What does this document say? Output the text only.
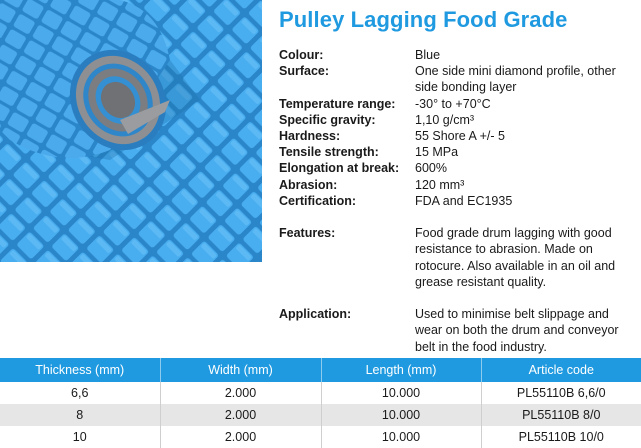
Pulley Lagging Food Grade
Colour:	Blue
Surface:	One side mini diamond profile, other side bonding layer
Temperature range:	-30° to +70°C
Specific gravity:	1,10 g/cm³
Hardness:	55 Shore A +/- 5
Tensile strength:	15 MPa
Elongation at break:	600%
Abrasion:	120 mm³
Certification:	FDA and EC1935
Features:	Food grade drum lagging with good resistance to abrasion. Made on rotocure. Also available in an oil and grease resistant quality.
Application:	Used to minimise belt slippage and wear on both the drum and conveyor belt in the food industry.
Thickness (mm)	Width (mm)	Length (mm)	Article code
6,6	2.000	10.000	PL55110B 6,6/0
8	2.000	10.000	PL55110B 8/0
10	2.000	10.000	PL55110B 10/0
